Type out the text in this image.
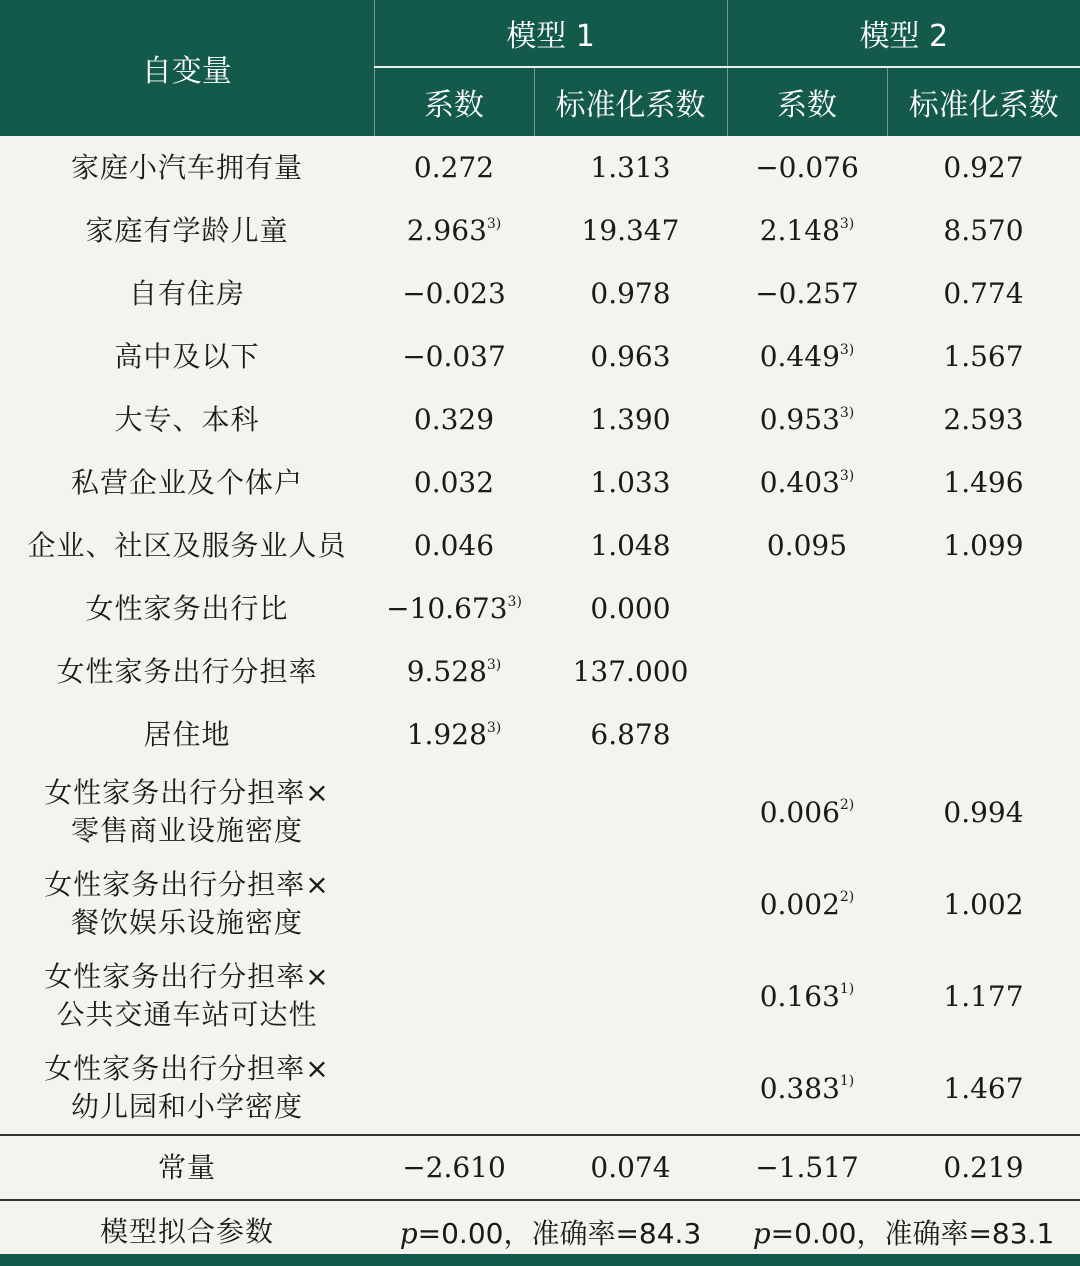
自变量	模型 1		模型 2	
	系数	标准化系数	系数	标准化系数

家庭小汽车拥有量	0.272	1.313	−0.076	0.927

家庭有学龄儿童	2.963$^{3)}$	19.347	2.148$^{3)}$	8.570

自有住房	−0.023	0.978	−0.257	0.774

高中及以下	−0.037	0.963	0.449$^{3)}$	1.567

大专、本科	0.329	1.390	0.953$^{3)}$	2.593

私营企业及个体户	0.032	1.033	0.403$^{3)}$	1.496

企业、社区及服务业人员	0.046	1.048	0.095	1.099

女性家务出行比	$-10.673^{3)}$	0.000		

女性家务出行分担率	9.528$^{3)}$	137.000		

居住地	1.928$^{3)}$	6.878		

女性家务出行分担率×
零售商业设施密度			0.006$^{2)}$	0.994

女性家务出行分担率×
餐饮娱乐设施密度			0.002$^{2)}$	1.002

女性家务出行分担率×
公共交通车站可达性			0.163$^{1)}$	1.177

女性家务出行分担率×
幼儿园和小学密度			0.383$^{1)}$	1.467
常量	−2.610	0.074	−1.517	0.219
模型拟合参数	p=0.00，准确率=84.3		p=0.00，准确率=83.1	
